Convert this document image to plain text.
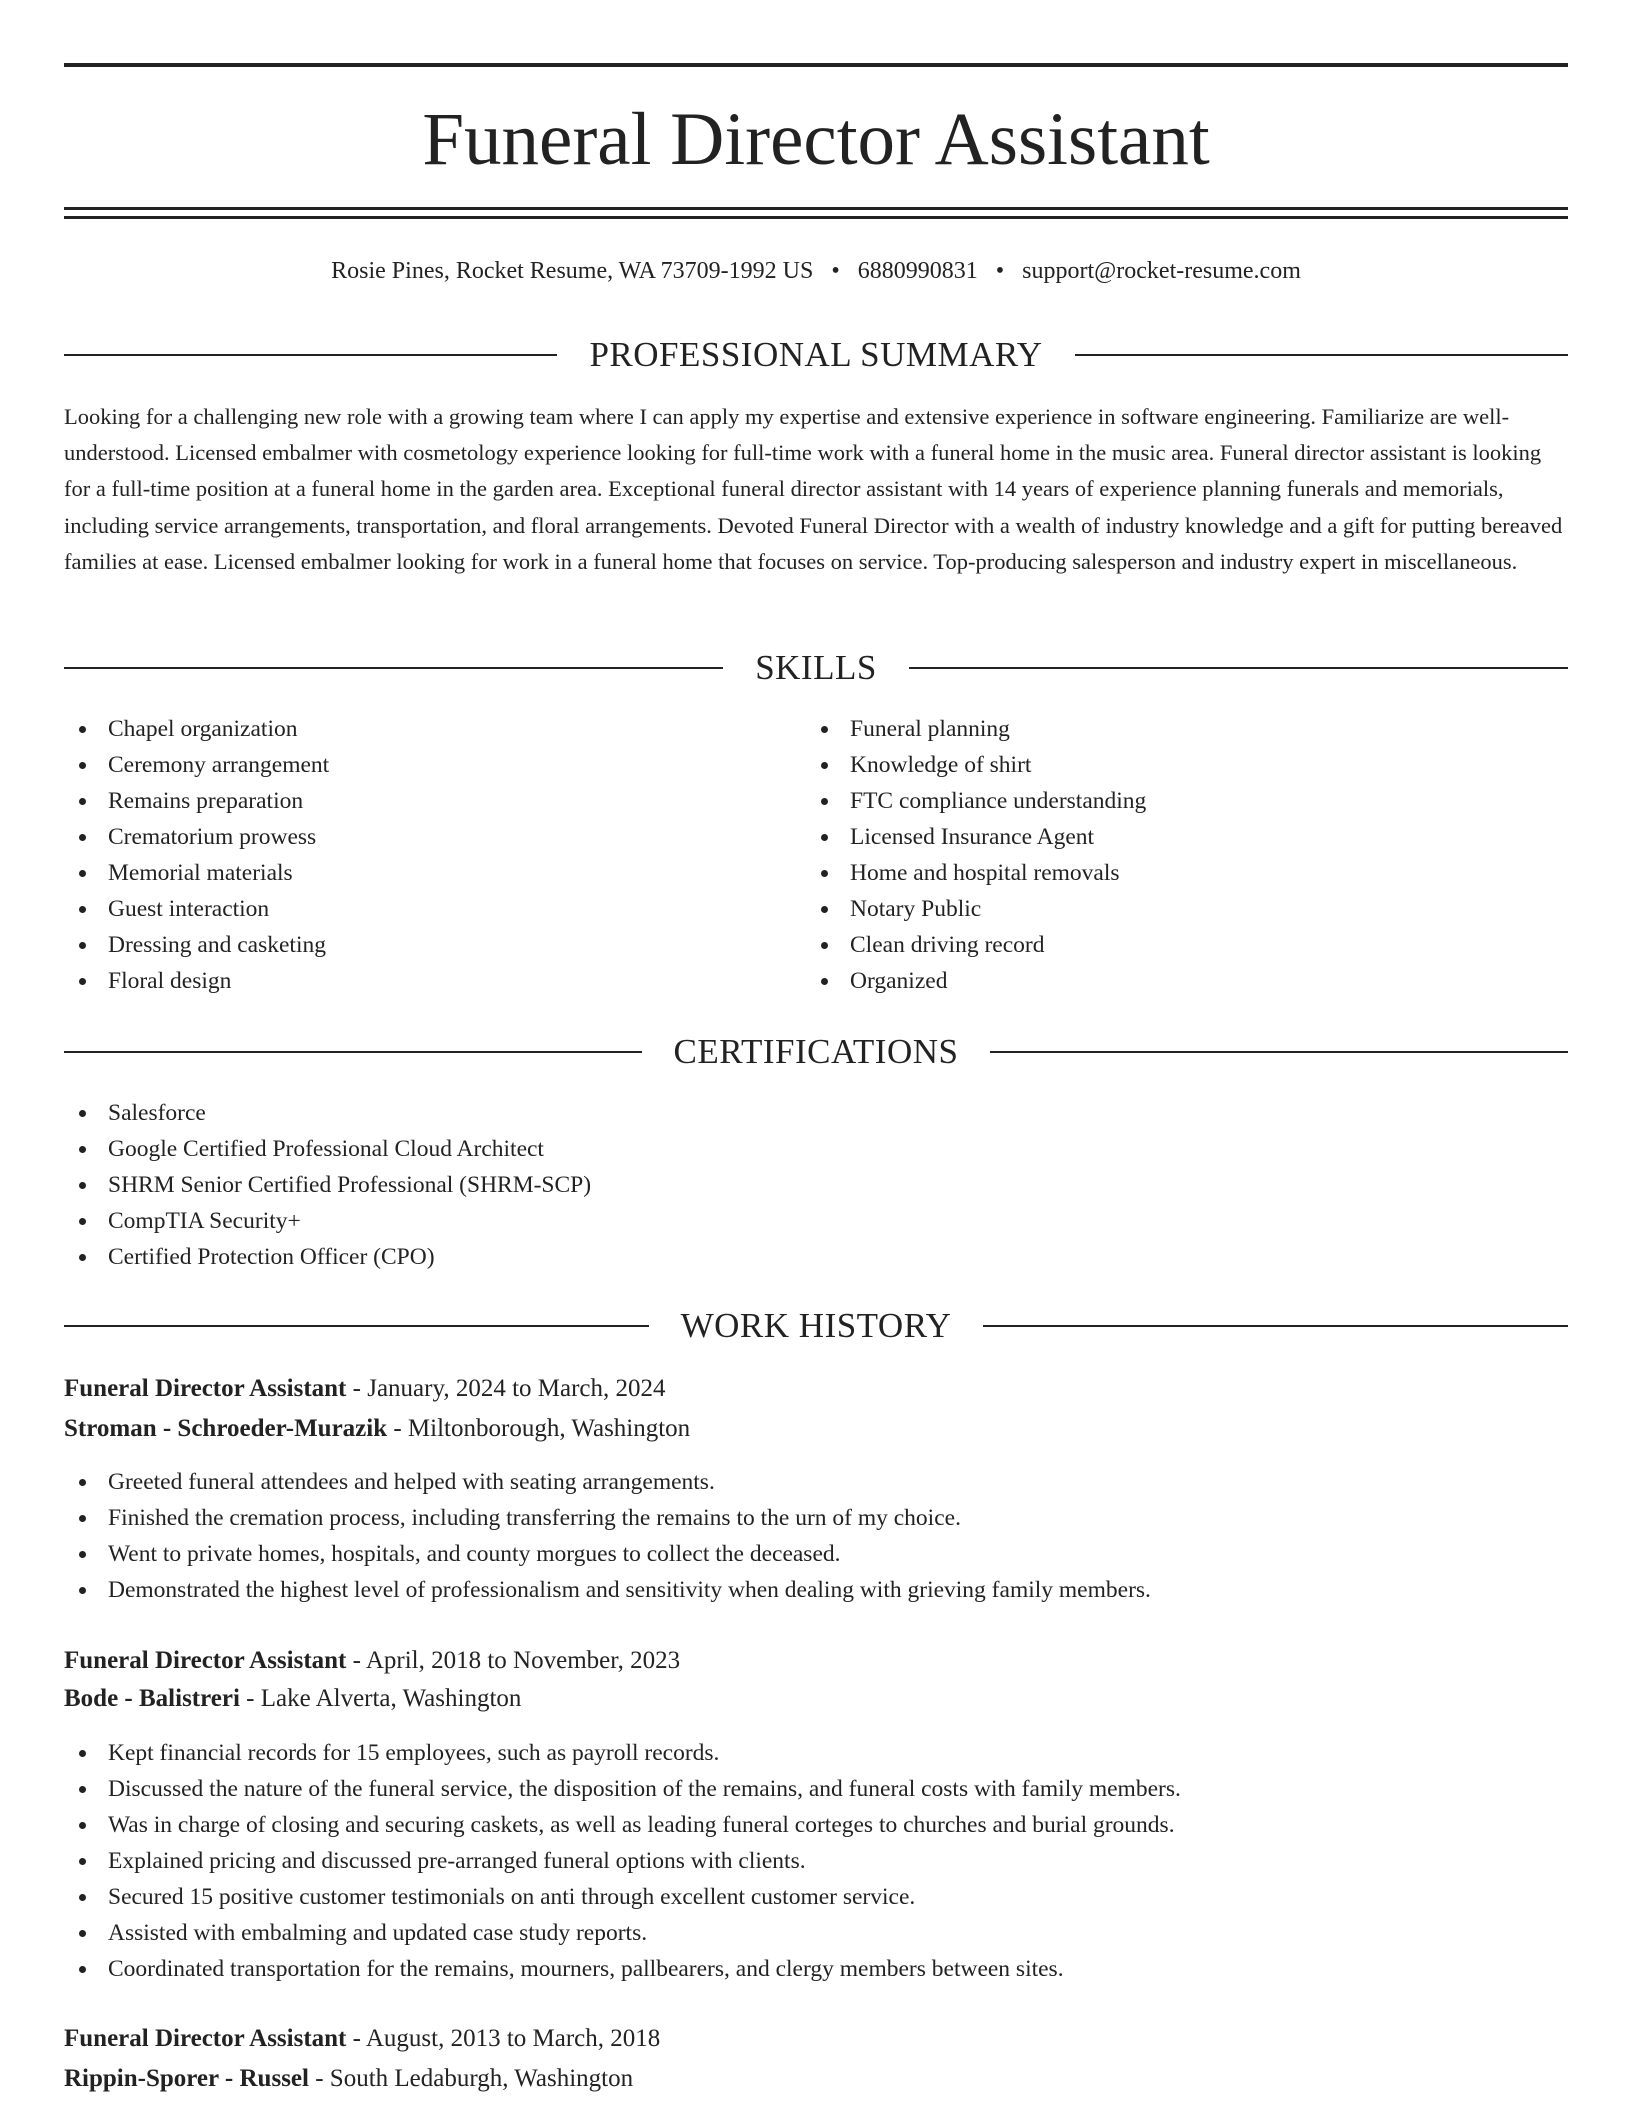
Funeral Director Assistant
Rosie Pines, Rocket Resume, WA 73709-1992 US • 6880990831 • support@rocket-resume.com
PROFESSIONAL SUMMARY

Looking for a challenging new role with a growing team where I can apply my expertise and extensive experience in software engineering. Familiarize are well-understood. Licensed embalmer with cosmetology experience looking for full-time work with a funeral home in the music area. Funeral director assistant is looking for a full-time position at a funeral home in the garden area. Exceptional funeral director assistant with 14 years of experience planning funerals and memorials, including service arrangements, transportation, and floral arrangements. Devoted Funeral Director with a wealth of industry knowledge and a gift for putting bereaved families at ease. Licensed embalmer looking for work in a funeral home that focuses on service. Top-producing salesperson and industry expert in miscellaneous.

SKILLS
Chapel organization
Ceremony arrangement
Remains preparation
Crematorium prowess
Memorial materials
Guest interaction
Dressing and casketing
Floral design
Funeral planning
Knowledge of shirt
FTC compliance understanding
Licensed Insurance Agent
Home and hospital removals
Notary Public
Clean driving record
Organized
CERTIFICATIONS
Salesforce
Google Certified Professional Cloud Architect
SHRM Senior Certified Professional (SHRM-SCP)
CompTIA Security+
Certified Protection Officer (CPO)
WORK HISTORY
Funeral Director Assistant - January, 2024 to March, 2024
Stroman - Schroeder-Murazik - Miltonborough, Washington
Greeted funeral attendees and helped with seating arrangements.
Finished the cremation process, including transferring the remains to the urn of my choice.
Went to private homes, hospitals, and county morgues to collect the deceased.
Demonstrated the highest level of professionalism and sensitivity when dealing with grieving family members.
Funeral Director Assistant - April, 2018 to November, 2023
Bode - Balistreri - Lake Alverta, Washington
Kept financial records for 15 employees, such as payroll records.
Discussed the nature of the funeral service, the disposition of the remains, and funeral costs with family members.
Was in charge of closing and securing caskets, as well as leading funeral corteges to churches and burial grounds.
Explained pricing and discussed pre-arranged funeral options with clients.
Secured 15 positive customer testimonials on anti through excellent customer service.
Assisted with embalming and updated case study reports.
Coordinated transportation for the remains, mourners, pallbearers, and clergy members between sites.
Funeral Director Assistant - August, 2013 to March, 2018
Rippin-Sporer - Russel - South Ledaburgh, Washington
